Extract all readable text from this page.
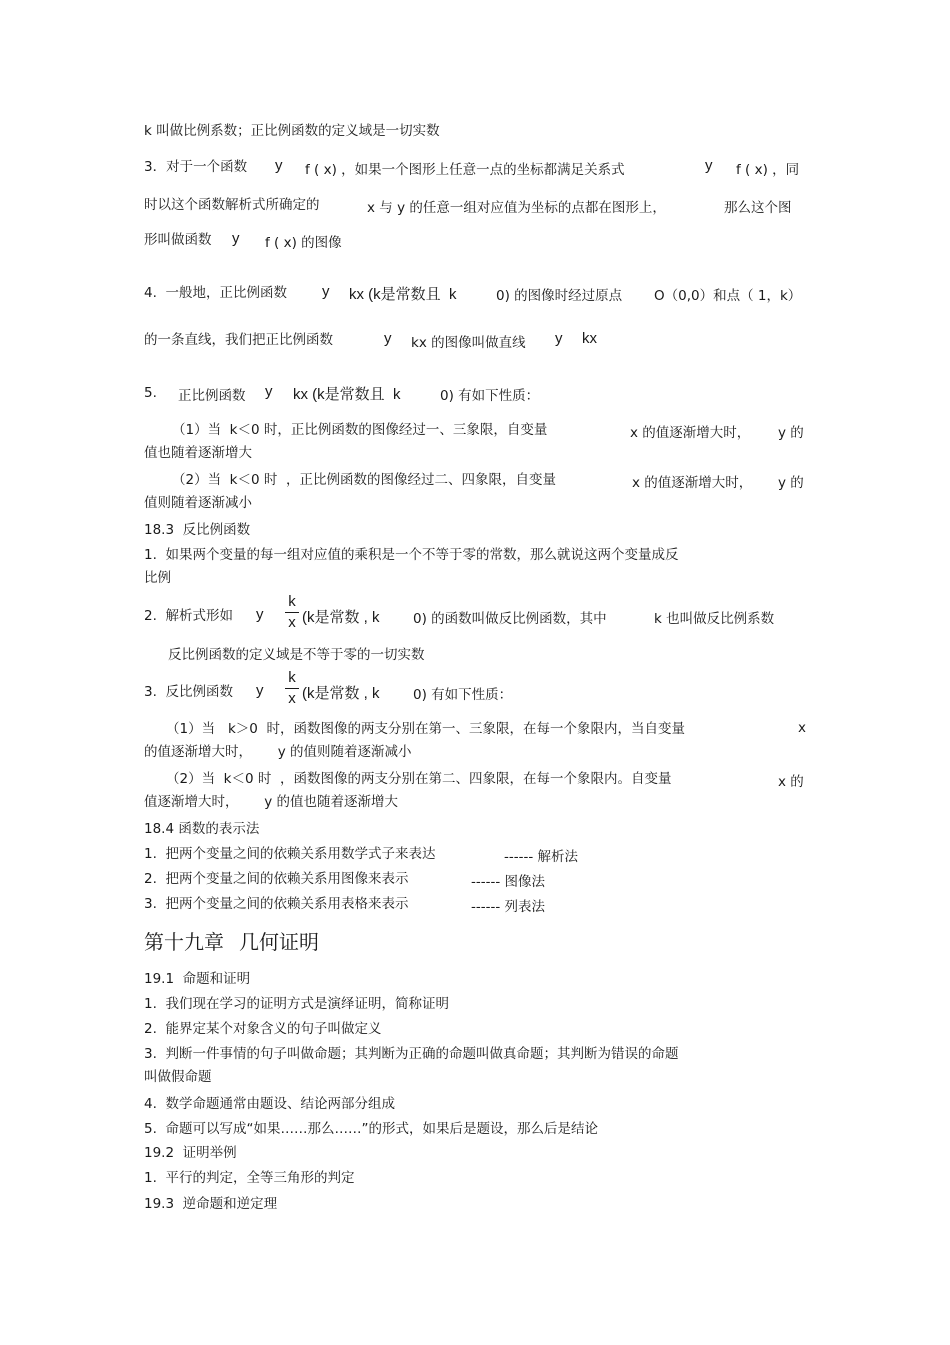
k 叫做比例系数；正比例函数的定义域是一切实数
3．对于一个函数 y f ( x) ，如果一个图形上任意一点的坐标都满足关系式	y f ( x) ，同
时以这个函数解析式所确定的	x 与 y 的任意一组对应值为坐标的点都在图形上，	那么这个图
形叫做函数 y f ( x) 的图像
4.  一般地，正比例函数 y kx (k是常数且  k	0) 的图像时经过原点 O（0,0）和点（ 1，k）
的一条直线，我们把正比例函数	y kx 的图像叫做直线 y kx
5. 正比例函数 y kx (k是常数且  k	0) 有如下性质：
（1）当  k＜0 时，正比例函数的图像经过一、三象限，自变量	x 的值逐渐增大时， y 的
值也随着逐渐增大
（2）当  k＜0 时  ，正比例函数的图像经过二、四象限，自变量	x 的值逐渐增大时， y 的
值则随着逐渐减小
18.3  反比例函数
1.  如果两个变量的每一组对应值的乘积是一个不等于零的常数，那么就说这两个变量成反
比例
2.  解析式形如 y
k
x (k是常数 , k 0) 的函数叫做反比例函数，其中	k 也叫做反比例系数
反比例函数的定义域是不等于零的一切实数
3.  反比例函数 y
k
x (k是常数 , k 0) 有如下性质：
（1）当   k＞0  时，函数图像的两支分别在第一、三象限，在每一个象限内，当自变量	x
的值逐渐增大时，      y 的值则随着逐渐减小
（2）当  k＜0 时  ，函数图像的两支分别在第二、四象限，在每一个象限内。自变量	x 的
值逐渐增大时，      y 的值也随着逐渐增大
18.4 函数的表示法
1.  把两个变量之间的依赖关系用数学式子来表达	------ 解析法
2.  把两个变量之间的依赖关系用图像来表示	------ 图像法
3.  把两个变量之间的依赖关系用表格来表示	------ 列表法
第十九章   几何证明
19.1  命题和证明
1.  我们现在学习的证明方式是演绎证明，简称证明
2.  能界定某个对象含义的句子叫做定义
3.  判断一件事情的句子叫做命题；其判断为正确的命题叫做真命题；其判断为错误的命题
叫做假命题
4.  数学命题通常由题设、结论两部分组成
5.  命题可以写成“如果……那么……”的形式，如果后是题设，那么后是结论
19.2  证明举例
1.  平行的判定，全等三角形的判定
19.3  逆命题和逆定理
